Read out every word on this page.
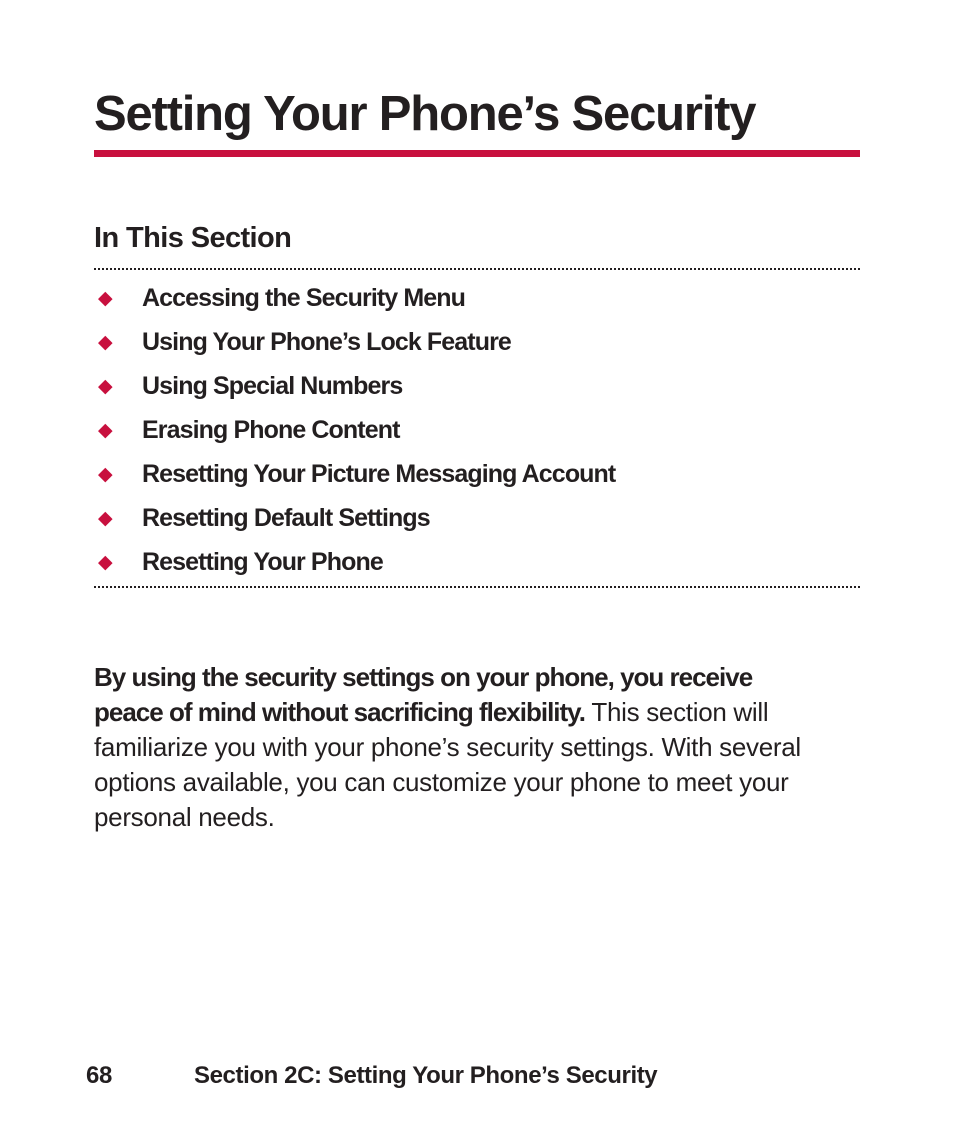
Setting Your Phone’s Security
In This Section
◆	Accessing the Security Menu
◆	Using Your Phone’s Lock Feature
◆	Using Special Numbers
◆	Erasing Phone Content
◆	Resetting Your Picture Messaging Account
◆	Resetting Default Settings
◆	Resetting Your Phone

By using the security settings on your phone, you receive peace of mind without sacrificing flexibility. This section will familiarize you with your phone’s security settings. With several options available, you can customize your phone to meet your personal needs.

68	Section 2C: Setting Your Phone’s Security
